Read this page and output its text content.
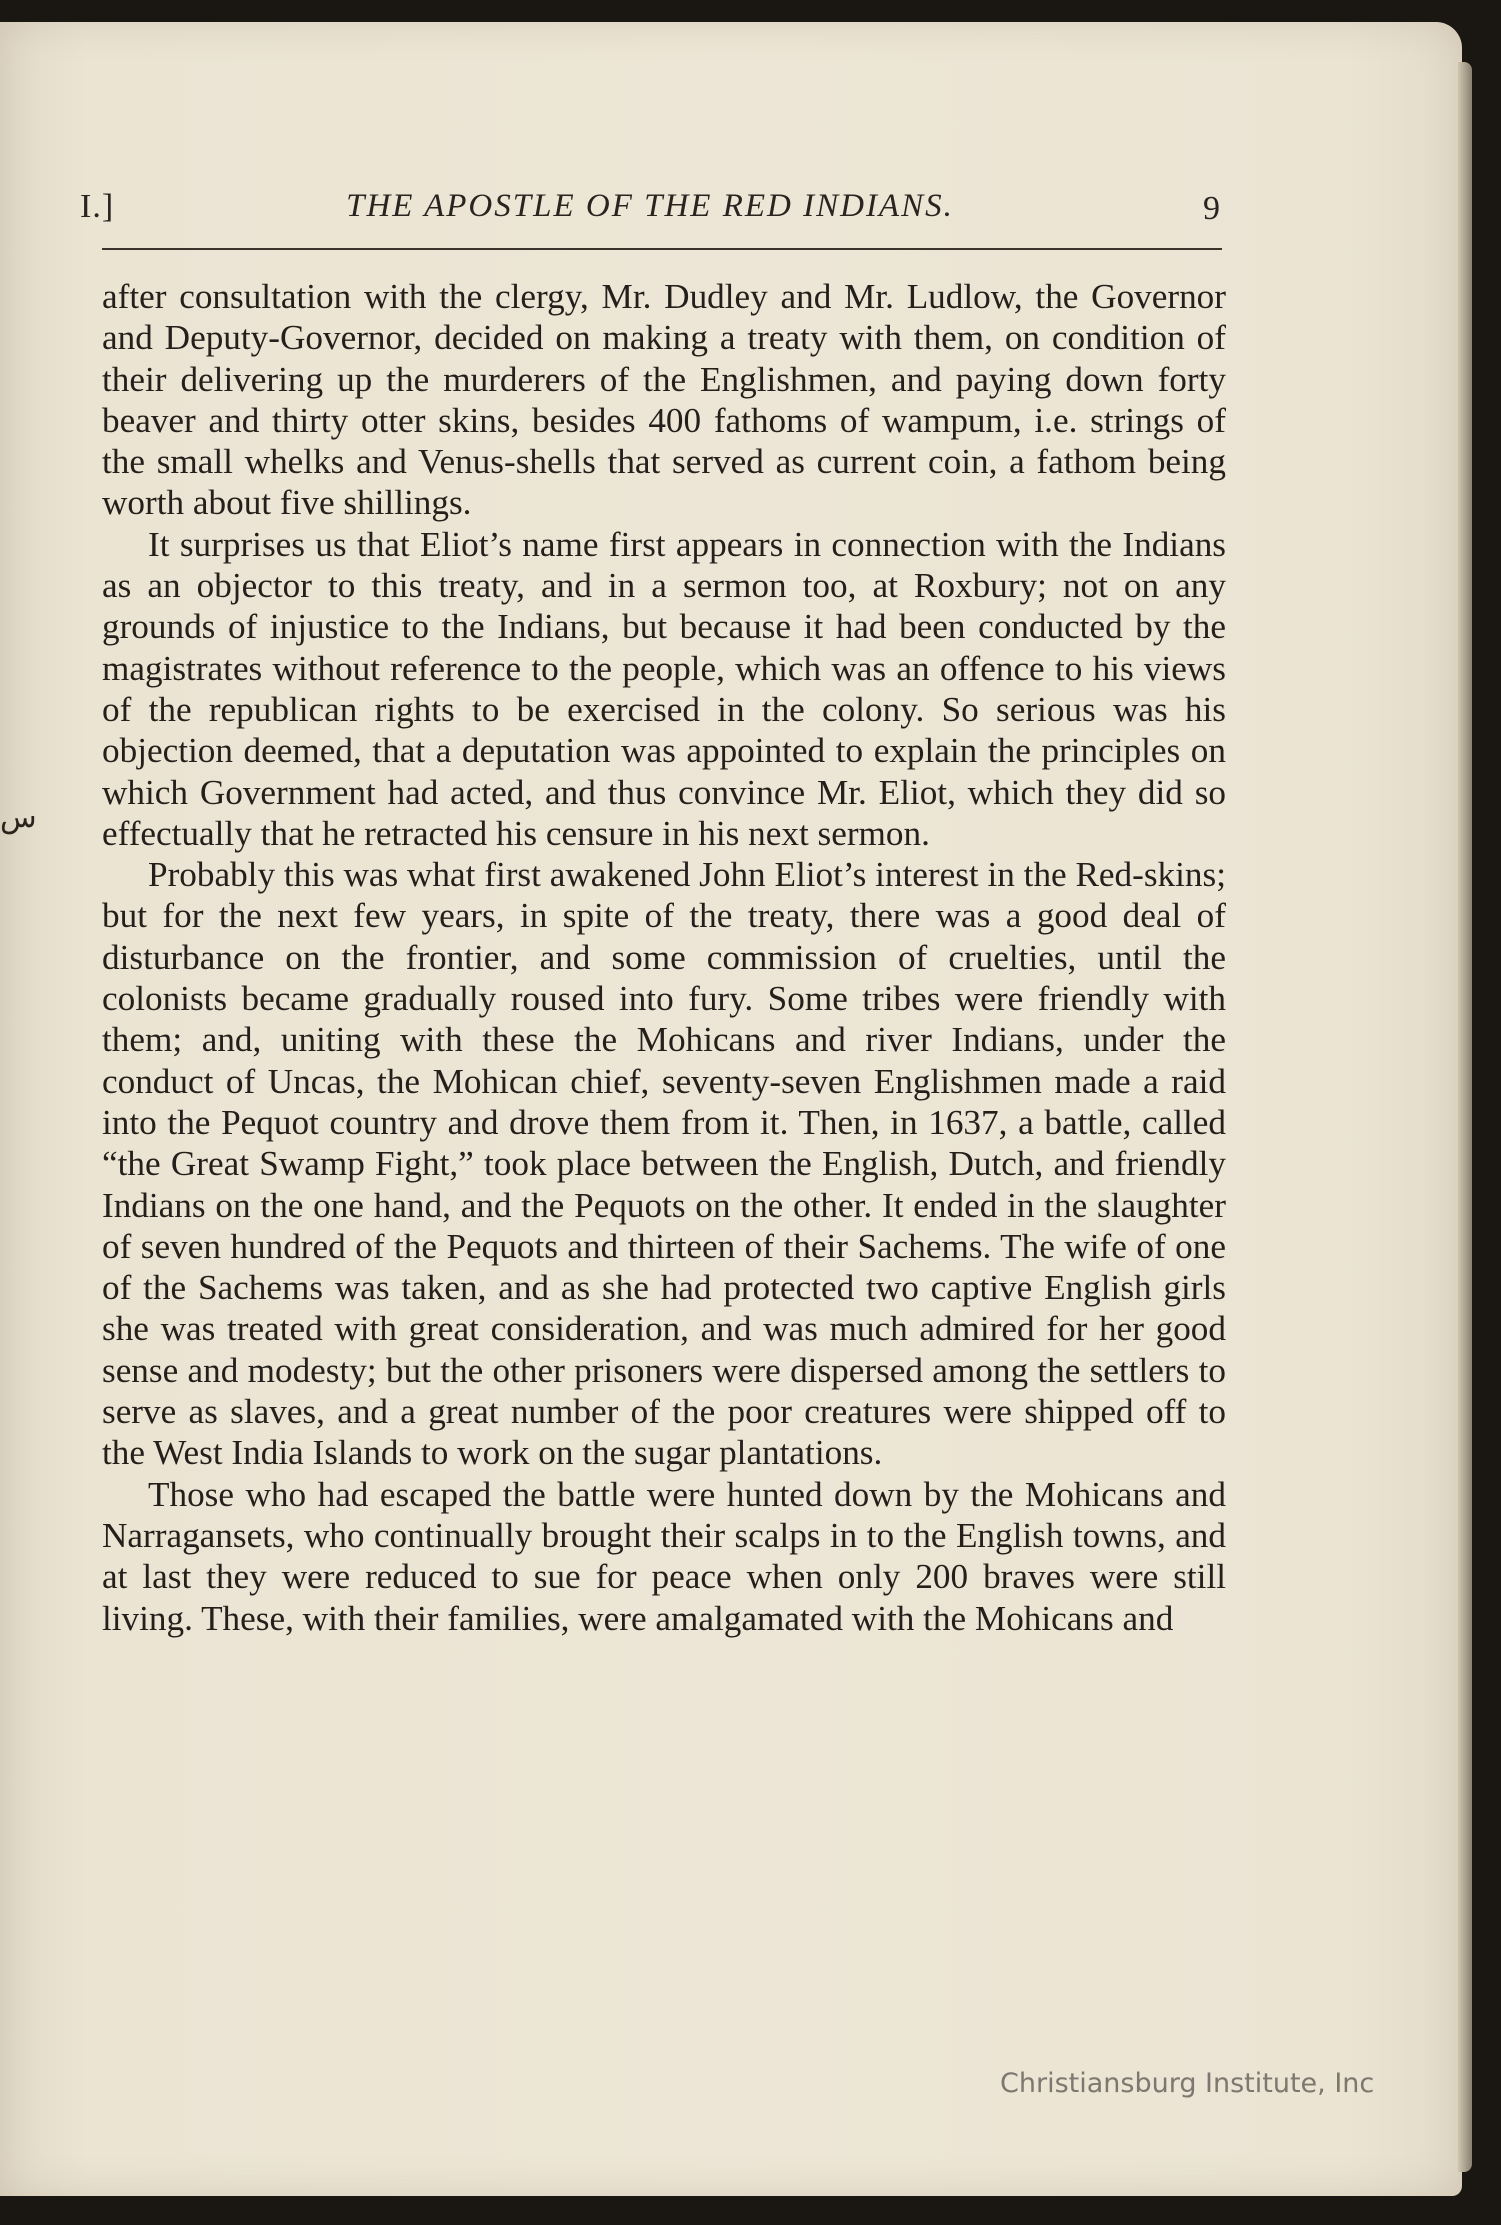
I.]	THE APOSTLE OF THE RED INDIANS.	9
س

after consultation with the clergy, Mr. Dudley and Mr. Ludlow, the Governor and Deputy-Governor, decided on making a treaty with them, on condition of their delivering up the murderers of the Englishmen, and paying down forty beaver and thirty otter skins, besides 400 fathoms of wampum, i.e. strings of the small whelks and Venus-shells that served as current coin, a fathom being worth about five shillings.

It surprises us that Eliot’s name first appears in connection with the Indians as an objector to this treaty, and in a sermon too, at Roxbury; not on any grounds of injustice to the Indians, but because it had been conducted by the magistrates without reference to the people, which was an offence to his views of the republican rights to be exercised in the colony. So serious was his objection deemed, that a deputation was appointed to explain the principles on which Government had acted, and thus convince Mr. Eliot, which they did so effectually that he retracted his censure in his next sermon.

Probably this was what first awakened John Eliot’s interest in the Red-skins; but for the next few years, in spite of the treaty, there was a good deal of disturbance on the frontier, and some commission of cruelties, until the colonists became gradually roused into fury. Some tribes were friendly with them; and, uniting with these the Mohicans and river Indians, under the conduct of Uncas, the Mohican chief, seventy-seven Englishmen made a raid into the Pequot country and drove them from it. Then, in 1637, a battle, called “the Great Swamp Fight,” took place between the English, Dutch, and friendly Indians on the one hand, and the Pequots on the other. It ended in the slaughter of seven hundred of the Pequots and thirteen of their Sachems. The wife of one of the Sachems was taken, and as she had protected two captive English girls she was treated with great consideration, and was much admired for her good sense and modesty; but the other prisoners were dispersed among the settlers to serve as slaves, and a great number of the poor creatures were shipped off to the West India Islands to work on the sugar plantations.

Those who had escaped the battle were hunted down by the Mohicans and Narragansets, who continually brought their scalps in to the English towns, and at last they were reduced to sue for peace when only 200 braves were still living. These, with their families, were amalgamated with the Mohicans and

Christiansburg Institute, Inc
